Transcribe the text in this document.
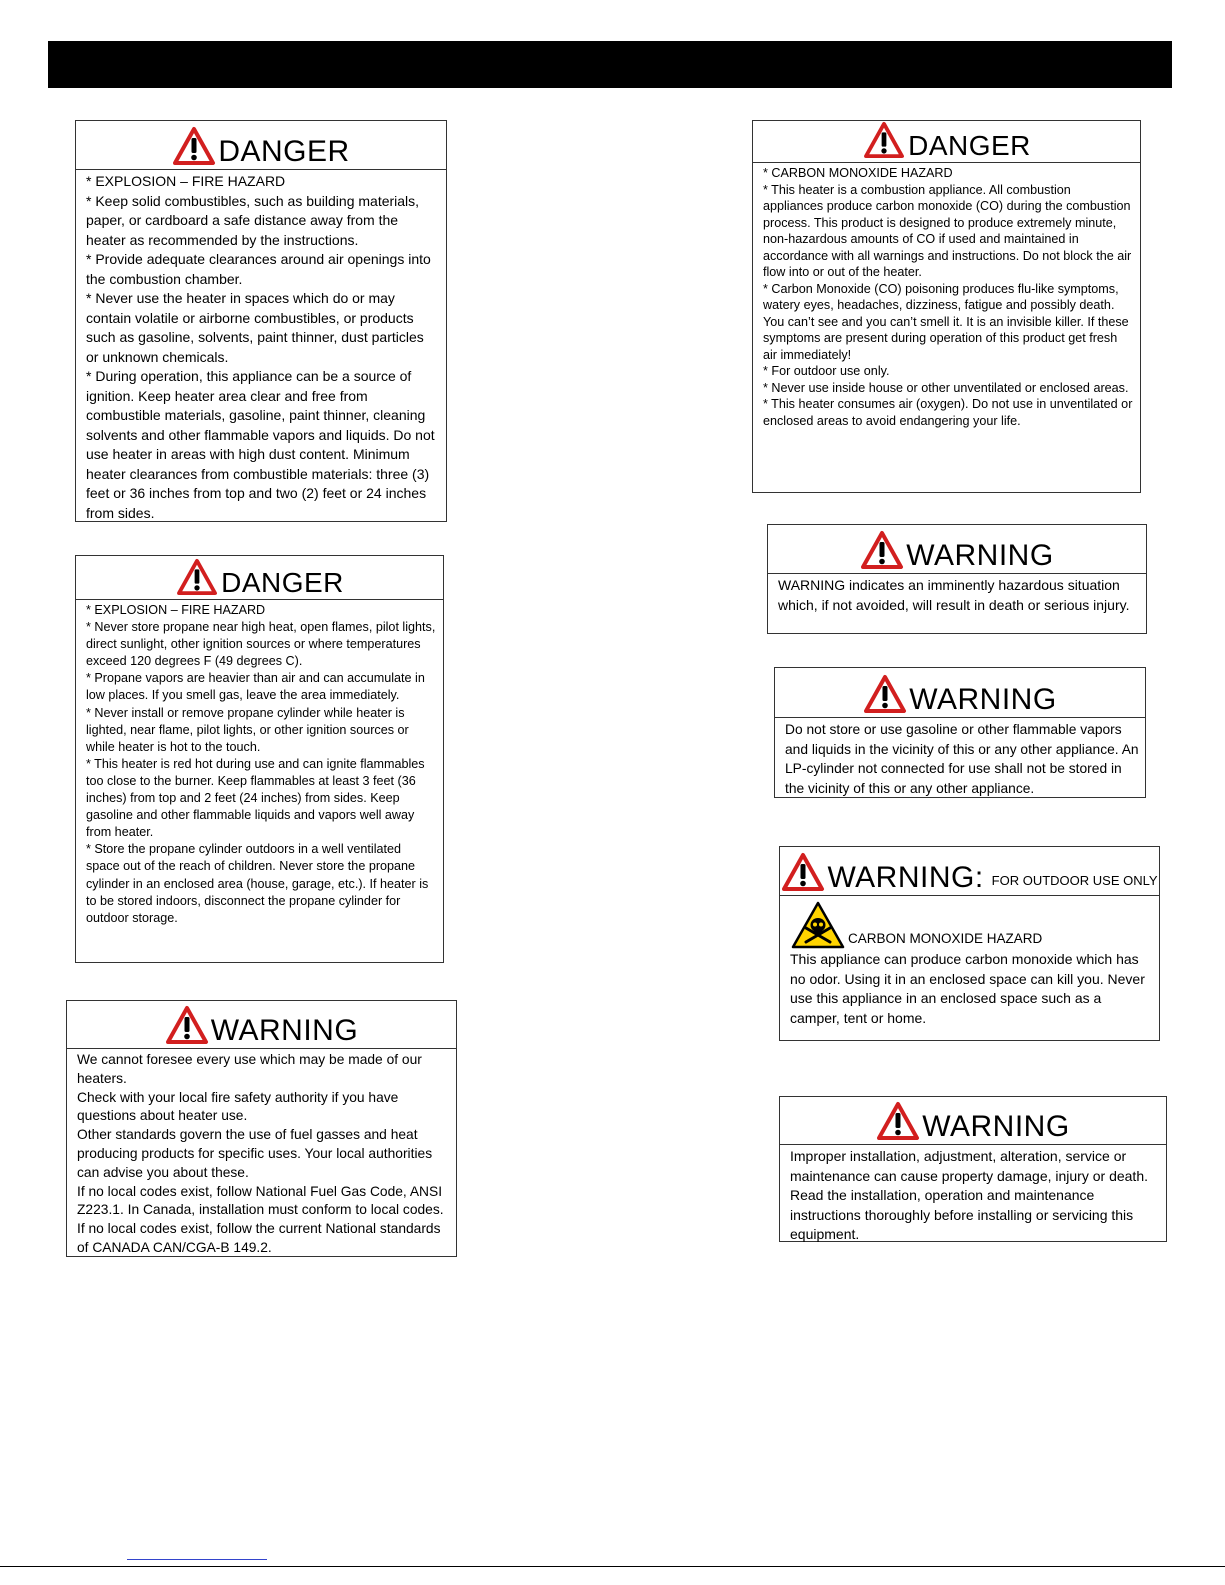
DANGER

* EXPLOSION – FIRE HAZARD

* Keep solid combustibles, such as building materials, paper, or cardboard a safe distance away from the heater as recommended by the instructions.

* Provide adequate clearances around air openings into the combustion chamber.

* Never use the heater in spaces which do or may contain volatile or airborne combustibles, or products such as gasoline, solvents, paint thinner, dust particles or unknown chemicals.

* During operation, this appliance can be a source of ignition. Keep heater area clear and free from combustible materials, gasoline, paint thinner, cleaning solvents and other flammable vapors and liquids. Do not use heater in areas with high dust content. Minimum heater clearances from combustible materials: three (3) feet or 36 inches from top and two (2) feet or 24 inches from sides.

DANGER

* EXPLOSION – FIRE HAZARD

* Never store propane near high heat, open flames, pilot lights, direct sunlight, other ignition sources or where temperatures exceed 120 degrees F (49 degrees C).

* Propane vapors are heavier than air and can accumulate in low places. If you smell gas, leave the area immediately.

* Never install or remove propane cylinder while heater is lighted, near flame, pilot lights, or other ignition sources or while heater is hot to the touch.

* This heater is red hot during use and can ignite flammables too close to the burner. Keep flammables at least 3 feet (36 inches) from top and 2 feet (24 inches) from sides. Keep gasoline and other flammable liquids and vapors well away from heater.

* Store the propane cylinder outdoors in a well ventilated space out of the reach of children. Never store the propane cylinder in an enclosed area (house, garage, etc.). If heater is to be stored indoors, disconnect the propane cylinder for outdoor storage.

WARNING

We cannot foresee every use which may be made of our heaters.

Check with your local fire safety authority if you have questions about heater use.

Other standards govern the use of fuel gasses and heat producing products for specific uses. Your local authorities can advise you about these.

If no local codes exist, follow National Fuel Gas Code, ANSI Z223.1. In Canada, installation must conform to local codes. If no local codes exist, follow the current National standards of CANADA CAN/CGA-B 149.2.

DANGER

* CARBON MONOXIDE HAZARD

* This heater is a combustion appliance. All combustion appliances produce carbon monoxide (CO) during the combustion process. This product is designed to produce extremely minute, non-hazardous amounts of CO if used and maintained in accordance with all warnings and instructions. Do not block the air flow into or out of the heater.

* Carbon Monoxide (CO) poisoning produces flu-like symptoms, watery eyes, headaches, dizziness, fatigue and possibly death. You can’t see and you can’t smell it. It is an invisible killer. If these symptoms are present during operation of this product get fresh air immediately!

* For outdoor use only.

* Never use inside house or other unventilated or enclosed areas.

* This heater consumes air (oxygen). Do not use in unventilated or enclosed areas to avoid endangering your life.

WARNING

WARNING indicates an imminently hazardous situation which, if not avoided, will result in death or serious injury.

WARNING

Do not store or use gasoline or other flammable vapors and liquids in the vicinity of this or any other appliance. An LP-cylinder not connected for use shall not be stored in the vicinity of this or any other appliance.

WARNING: FOR OUTDOOR USE ONLY
CARBON MONOXIDE HAZARD

This appliance can produce carbon monoxide which has no odor. Using it in an enclosed space can kill you. Never use this appliance in an enclosed space such as a camper, tent or home.

WARNING

Improper installation, adjustment, alteration, service or maintenance can cause property damage, injury or death. Read the installation, operation and maintenance instructions thoroughly before installing or servicing this equipment.
